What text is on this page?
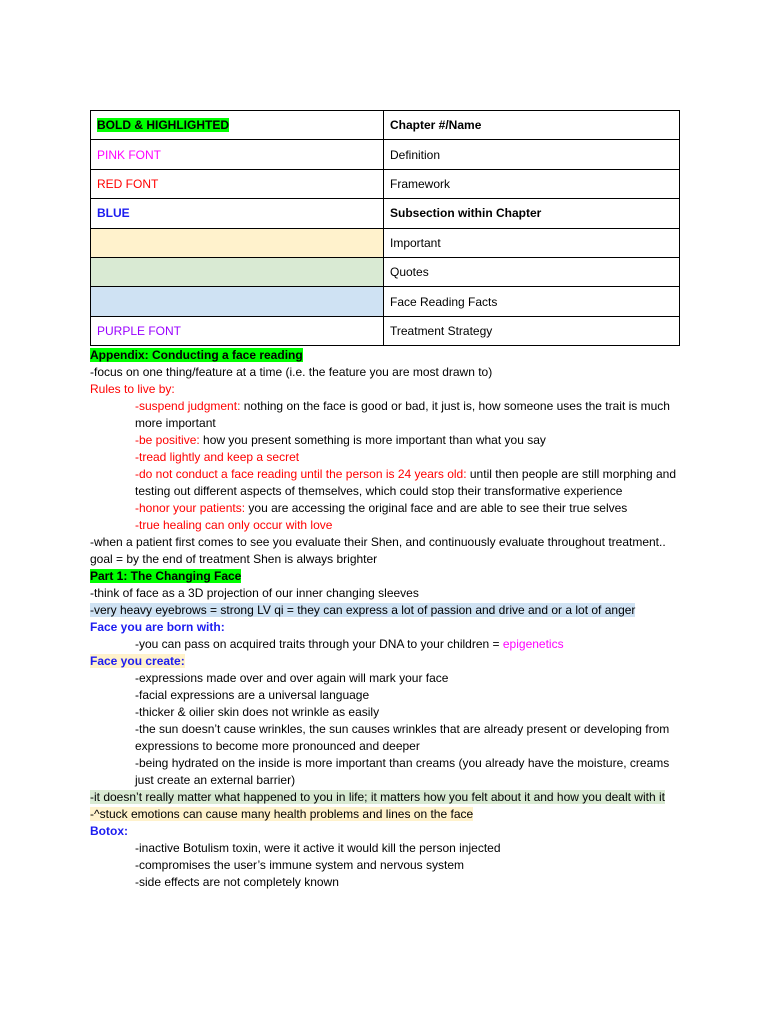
BOLD & HIGHLIGHTED	Chapter #/Name
PINK FONT	Definition
RED FONT	Framework
BLUE	Subsection within Chapter
	Important
	Quotes
	Face Reading Facts
PURPLE FONT	Treatment Strategy
Appendix: Conducting a face reading
-focus on one thing/feature at a time (i.e. the feature you are most drawn to)
Rules to live by:
-suspend judgment: nothing on the face is good or bad, it just is, how someone uses the trait is much more important
-be positive: how you present something is more important than what you say
-tread lightly and keep a secret
-do not conduct a face reading until the person is 24 years old: until then people are still morphing and testing out different aspects of themselves, which could stop their transformative experience
-honor your patients: you are accessing the original face and are able to see their true selves
-true healing can only occur with love
-when a patient first comes to see you evaluate their Shen, and continuously evaluate throughout treatment.. goal = by the end of treatment Shen is always brighter
Part 1: The Changing Face
-think of face as a 3D projection of our inner changing sleeves
-very heavy eyebrows = strong LV qi = they can express a lot of passion and drive and or a lot of anger
Face you are born with:
-you can pass on acquired traits through your DNA to your children = epigenetics
Face you create:
-expressions made over and over again will mark your face
-facial expressions are a universal language
-thicker & oilier skin does not wrinkle as easily
-the sun doesn’t cause wrinkles, the sun causes wrinkles that are already present or developing from expressions to become more pronounced and deeper
-being hydrated on the inside is more important than creams (you already have the moisture, creams just create an external barrier)
-it doesn’t really matter what happened to you in life; it matters how you felt about it and how you dealt with it
-^stuck emotions can cause many health problems and lines on the face
Botox:
-inactive Botulism toxin, were it active it would kill the person injected
-compromises the user’s immune system and nervous system
-side effects are not completely known
